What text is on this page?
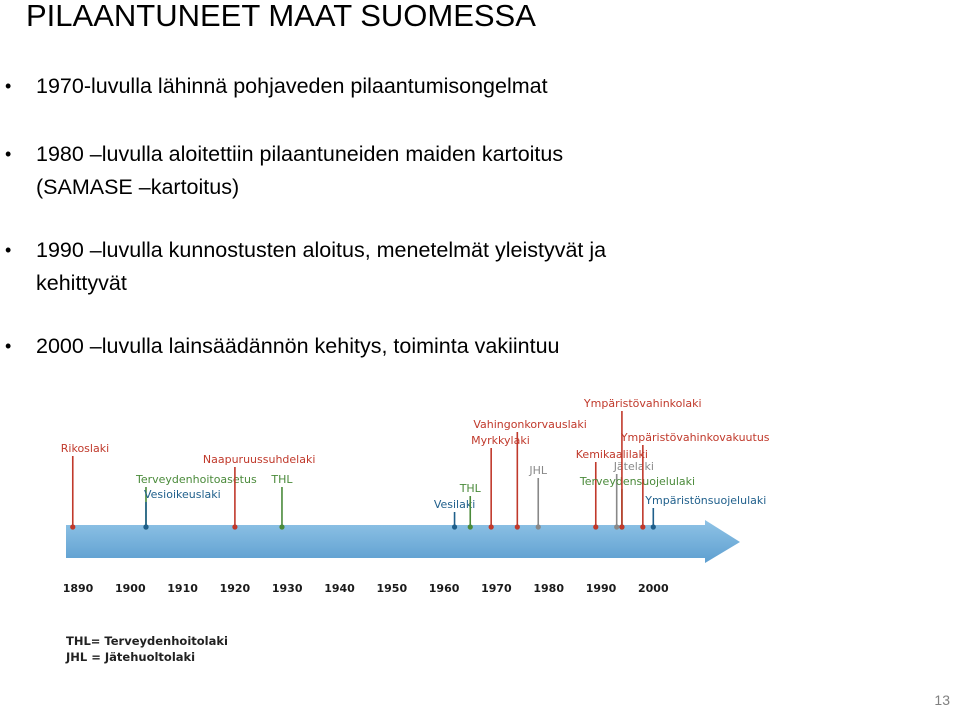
PILAANTUNEET MAAT SUOMESSA
• 1970-luvulla lähinnä pohjaveden pilaantumisongelmat
• 1980 –luvulla aloitettiin pilaantuneiden maiden kartoitus
(SAMASE –kartoitus)
• 1990 –luvulla kunnostusten aloitus, menetelmät yleistyvät ja
kehittyvät
• 2000 –luvulla lainsäädännön kehitys, toiminta vakiintuu
Rikoslaki
Terveydenhoitoasetus
Vesioikeuslaki
Naapuruussuhdelaki
THL
Vesilaki
Vahingonkorvauslaki
Myrkkylaki
THL
JHL
Kemikaalilaki
Jätelaki
Terveydensuojelulaki
Ympäristövahinkolaki
Ympäristövahinkovakuutus
Ympäristönsuojelulaki
1890 1900 1910 1920 1930 1940 1950 1960 1970 1980 1990 2000
THL= Terveydenhoitolaki
JHL = Jätehuoltolaki
13
